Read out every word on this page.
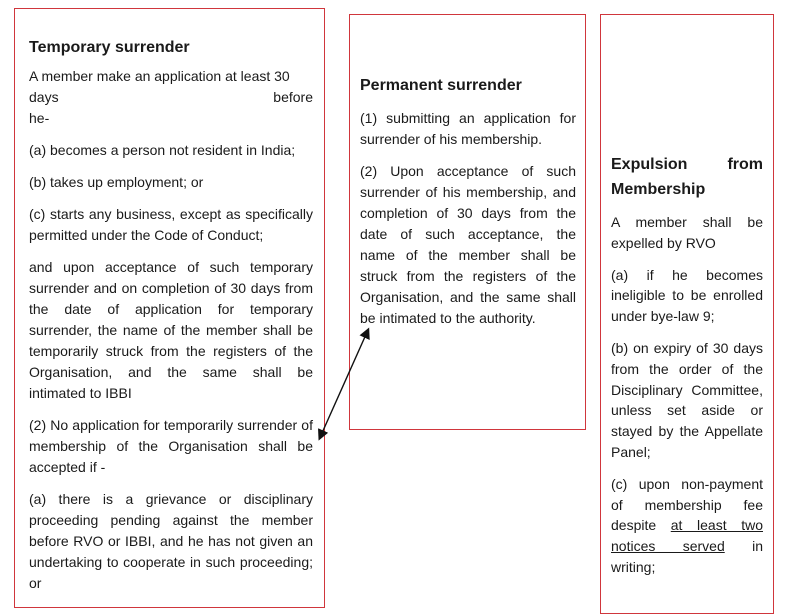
Temporary surrender

A member make an application at least 30

days	before

he-

(a) becomes a person not resident in India;

(b) takes up employment; or

(c) starts any business, except as specifically permitted under the Code of Conduct;

and upon acceptance of such temporary surrender and on completion of 30 days from the date of application for temporary surrender, the name of the member shall be temporarily struck from the registers of the Organisation, and the same shall be intimated to IBBI

(2) No application for temporarily surrender of membership of the Organisation shall be accepted if -

(a) there is a grievance or disciplinary proceeding pending against the member before RVO or IBBI, and he has not given an undertaking to cooperate in such proceeding; or

Permanent surrender

(1) submitting an application for surrender of his membership.

(2) Upon acceptance of such surrender of his membership, and completion of 30 days from the date of such acceptance, the name of the member shall be struck from the registers of the Organisation, and the same shall be intimated to the authority.

Expulsion from Membership

A member shall be expelled by RVO

(a) if he becomes ineligible to be enrolled under bye-law 9;

(b) on expiry of 30 days from the order of the Disciplinary Committee, unless set aside or stayed by the Appellate Panel;

(c) upon non-payment of membership fee despite at least two notices served in writing;
